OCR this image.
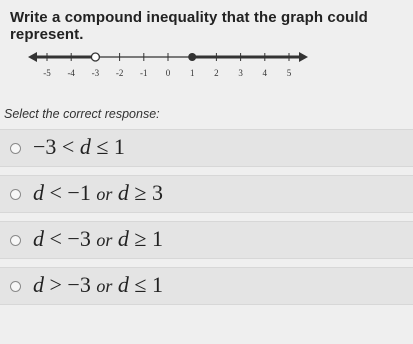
Write a compound inequality that the graph could represent.
-5 -4 -3 -2 -1 0 1 2 3 4 5
Select the correct response:
−3 < d ≤ 1
d < −1 or d ≥ 3
d < −3 or d ≥ 1
d > −3 or d ≤ 1
